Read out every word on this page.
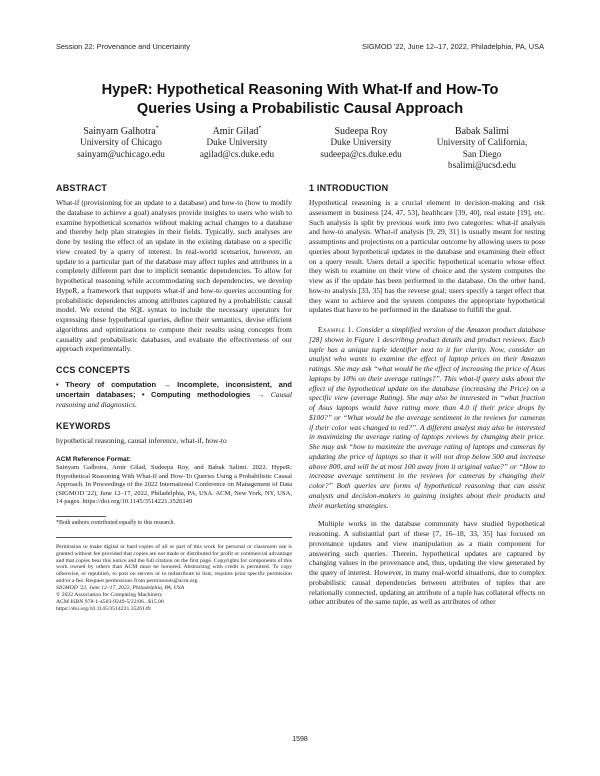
Session 22: Provenance and Uncertainty	SIGMOD '22, June 12–17, 2022, Philadelphia, PA, USA
HypeR: Hypothetical Reasoning With What-If and How-To
Queries Using a Probabilistic Causal Approach
Sainyam Galhotra*
University of Chicago
sainyam@uchicago.edu
Amir Gilad*
Duke University
agilad@cs.duke.edu
Sudeepa Roy
Duke University
sudeepa@cs.duke.edu
Babak Salimi
University of California,
San Diego
bsalimi@ucsd.edu
ABSTRACT

What-if (provisioning for an update to a database) and how-to (how to modify the database to achieve a goal) analyses provide insights to users who wish to examine hypothetical scenarios without making actual changes to a database and thereby help plan strategies in their fields. Typically, such analyses are done by testing the effect of an update in the existing database on a specific view created by a query of interest. In real-world scenarios, however, an update to a particular part of the database may affect tuples and attributes in a completely different part due to implicit semantic dependencies. To allow for hypothetical reasoning while accommodating such dependencies, we develop HypeR, a framework that supports what-if and how-to queries accounting for probabilistic dependencies among attributes captured by a probabilistic causal model. We extend the SQL syntax to include the necessary operators for expressing these hypothetical queries, define their semantics, devise efficient algorithms and optimizations to compute their results using concepts from causality and probabilistic databases, and evaluate the effectiveness of our approach experimentally.

CCS CONCEPTS

• Theory of computation → Incomplete, inconsistent, and uncertain databases; • Computing methodologies → Causal reasoning and diagnostics.

KEYWORDS

hypothetical reasoning, causal inference, what-if, how-to

ACM Reference Format:
Sainyam Galhotra, Amir Gilad, Sudeepa Roy, and Babak Salimi. 2022. HypeR: Hypothetical Reasoning With What-If and How-To Queries Using a Probabilistic Causal Approach. In Proceedings of the 2022 International Conference on Management of Data (SIGMOD '22), June 12–17, 2022, Philadelphia, PA, USA. ACM, New York, NY, USA, 14 pages. https://doi.org/10.1145/3514221.3526149
*Both authors contributed equally to this research.
Permission to make digital or hard copies of all or part of this work for personal or classroom use is granted without fee provided that copies are not made or distributed for profit or commercial advantage and that copies bear this notice and the full citation on the first page. Copyrights for components of this work owned by others than ACM must be honored. Abstracting with credit is permitted. To copy otherwise, or republish, to post on servers or to redistribute to lists, requires prior specific permission and/or a fee. Request permissions from permissions@acm.org.
SIGMOD '22, June 12–17, 2022, Philadelphia, PA, USA
© 2022 Association for Computing Machinery.
ACM ISBN 978-1-4503-9249-5/22/06...$15.00
https://doi.org/10.1145/3514221.3526149
1 INTRODUCTION

Hypothetical reasoning is a crucial element in decision-making and risk assessment in business [24, 47, 53], healthcare [39, 40], real estate [19], etc. Such analysis is split by previous work into two categories: what-if analysis and how-to analysis. What-if analysis [9, 29, 31] is usually meant for testing assumptions and projections on a particular outcome by allowing users to pose queries about hypothetical updates in the database and examining their effect on a query result. Users detail a specific hypothetical scenario whose effect they wish to examine on their view of choice and the system computes the view as if the update has been performed in the database. On the other hand, how-to analysis [33, 35] has the reverse goal; users specify a target effect that they want to achieve and the system computes the appropriate hypothetical updates that have to be performed in the database to fulfill the goal.

Example 1. Consider a simplified version of the Amazon product database [28] shown in Figure 1 describing product details and product reviews. Each tuple has a unique tuple identifier next to it for clarity. Now, consider an analyst who wants to examine the effect of laptop prices on their Amazon ratings. She may ask “what would be the effect of increasing the price of Asus laptops by 10% on their average ratings?”. This what-if query asks about the effect of the hypothetical update on the database (increasing the Price) on a specific view (average Rating). She may also be interested in “what fraction of Asus laptops would have rating more than 4.0 if their price drops by $100?” or “What would be the average sentiment in the reviews for cameras if their color was changed to red?”. A different analyst may also be interested in maximizing the average rating of laptops reviews by changing their price. She may ask “how to maximize the average rating of laptops and cameras by updating the price of laptops so that it will not drop below 500 and increase above 800, and will be at most 100 away from it original value?” or “How to increase average sentiment in the reviews for cameras by changing their color?” Both queries are forms of hypothetical reasoning that can assist analysts and decision-makers in gaining insights about their products and their marketing strategies.

Multiple works in the database community have studied hypothetical reasoning. A substantial part of these [7, 16–18, 33, 35] has focused on provenance updates and view manipulation as a main component for answering such queries. Therein, hypothetical updates are captured by changing values in the provenance and, thus, updating the view generated by the query of interest. However, in many real-world situations, due to complex probabilistic causal dependencies between attributes of tuples that are relationally connected, updating an attribute of a tuple has collateral effects on other attributes of the same tuple, as well as attributes of other

1598
